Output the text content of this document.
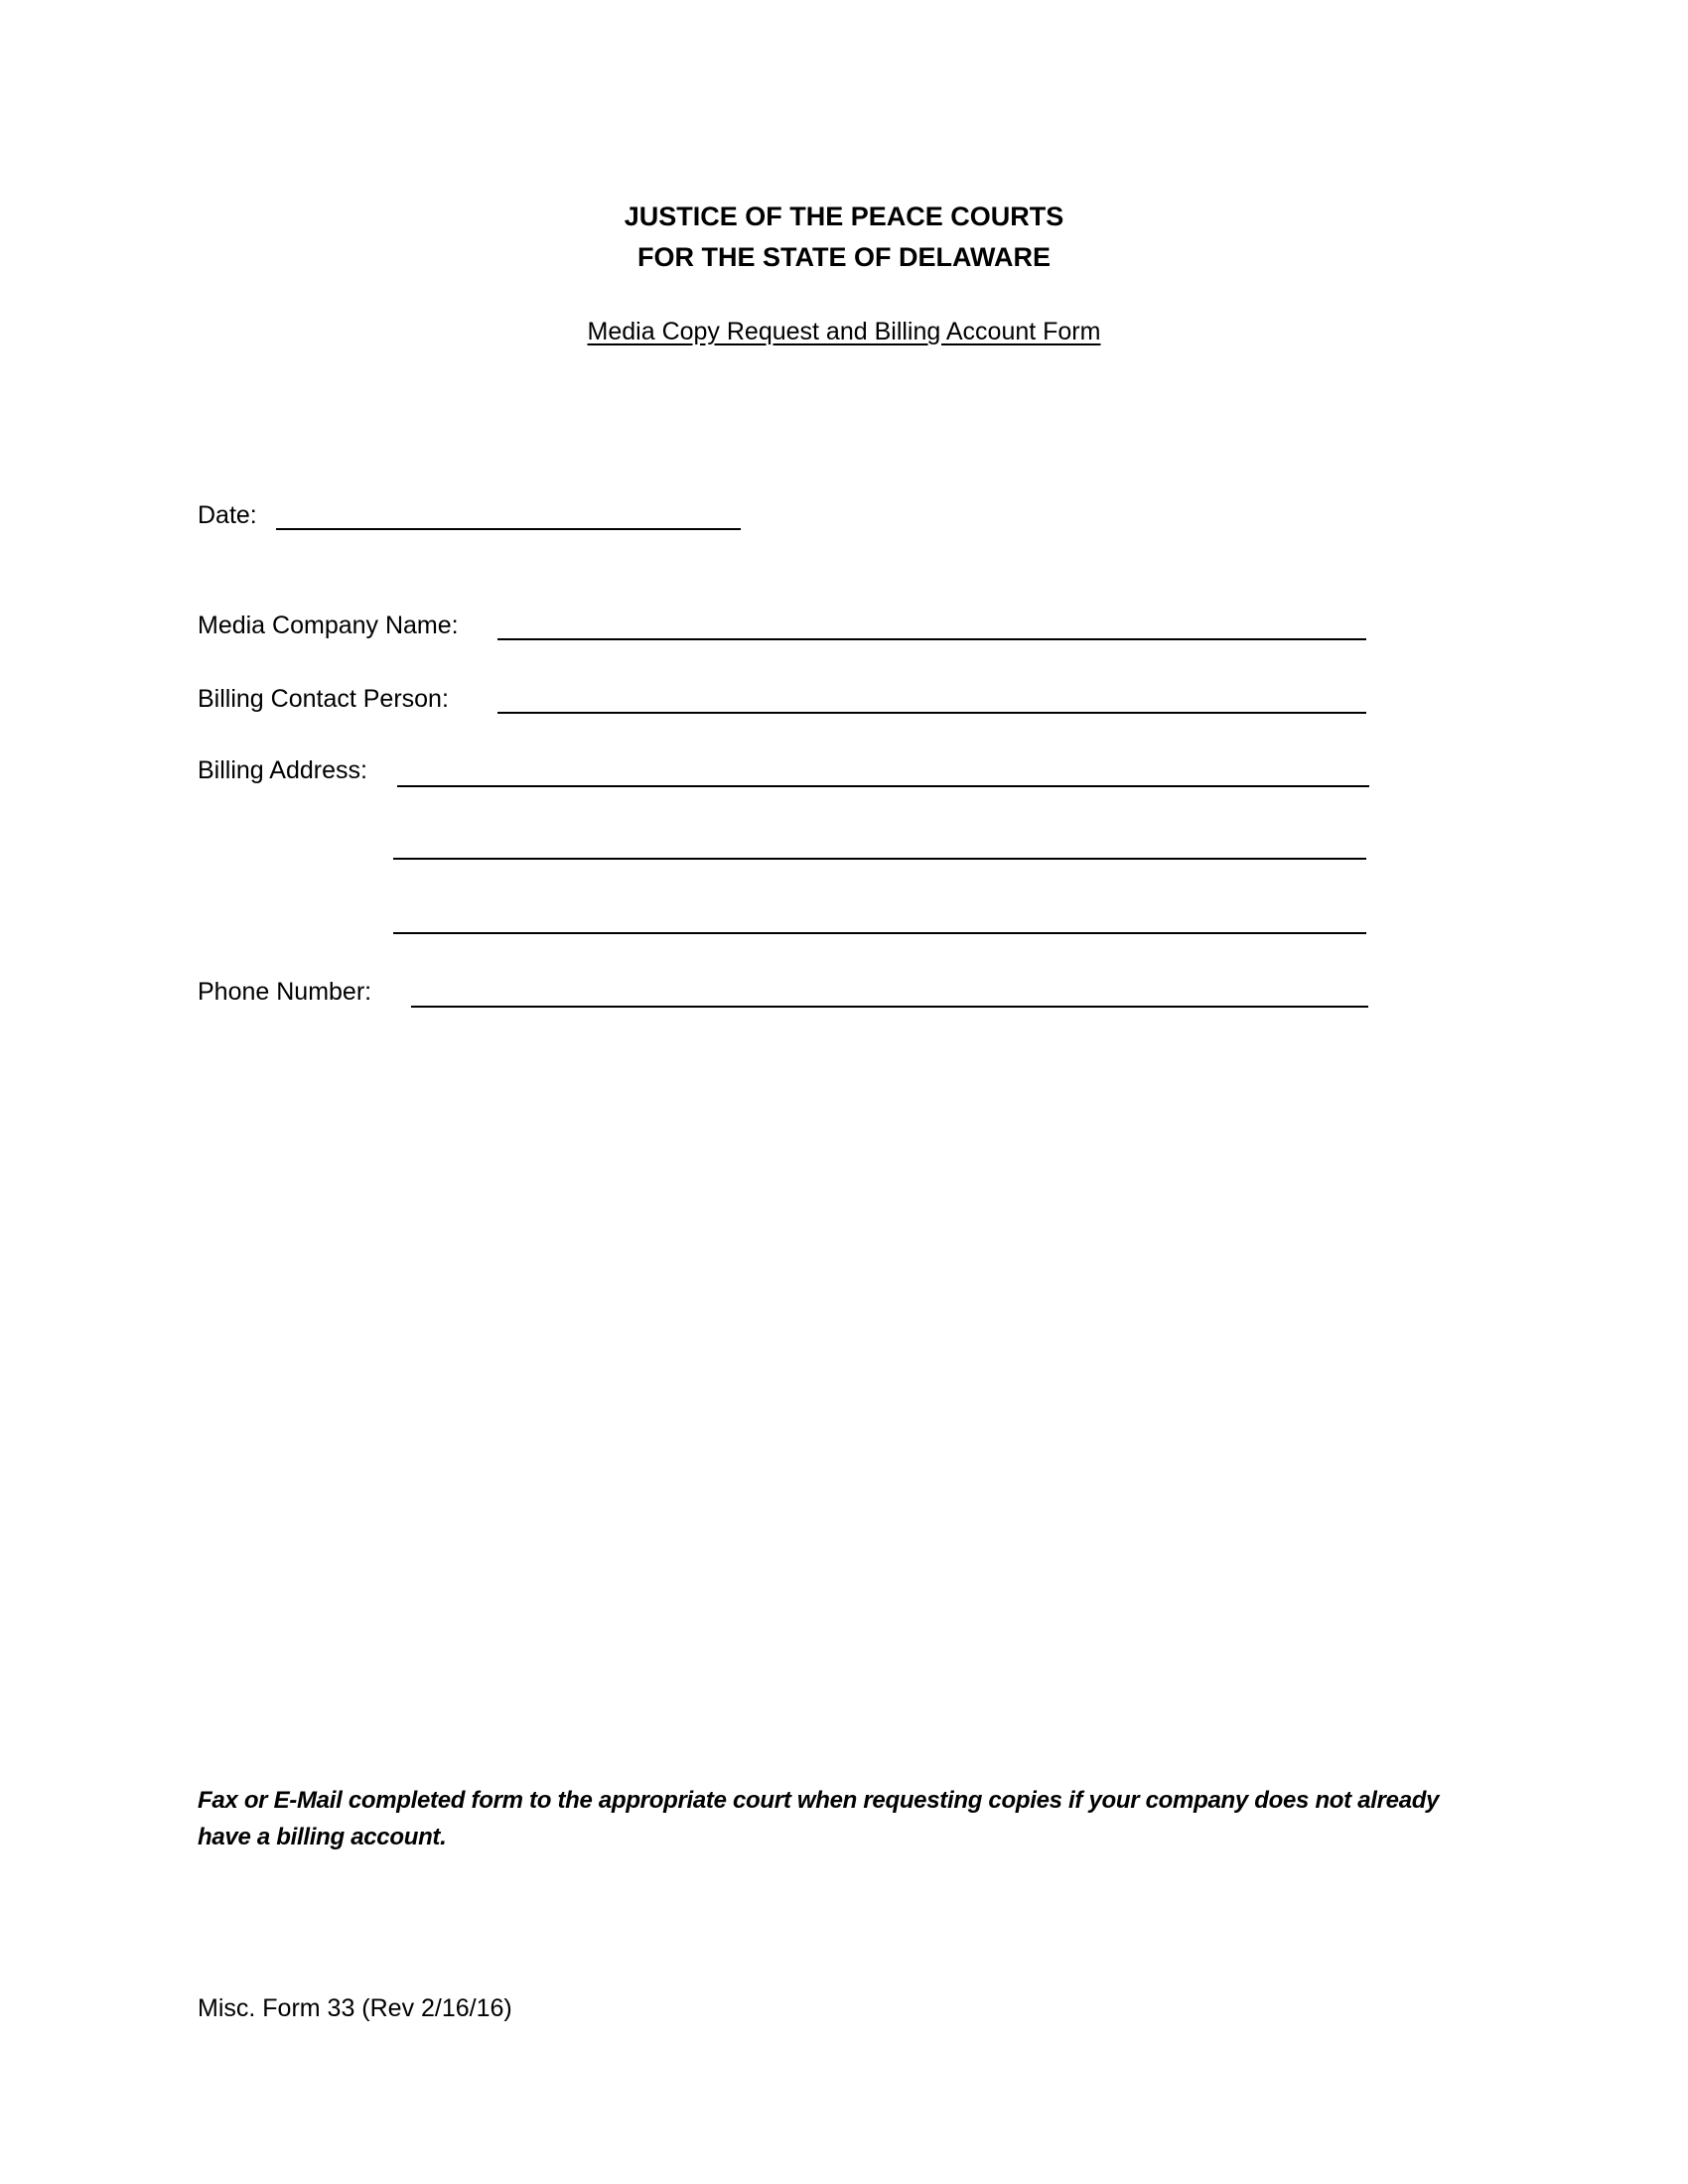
JUSTICE OF THE PEACE COURTS
FOR THE STATE OF DELAWARE
Media Copy Request and Billing Account Form
Date:
Media Company Name:
Billing Contact Person:
Billing Address:
Phone Number:
Fax or E-Mail completed form to the appropriate court when requesting copies if your company does not already have a billing account.
Misc. Form 33 (Rev 2/16/16)
